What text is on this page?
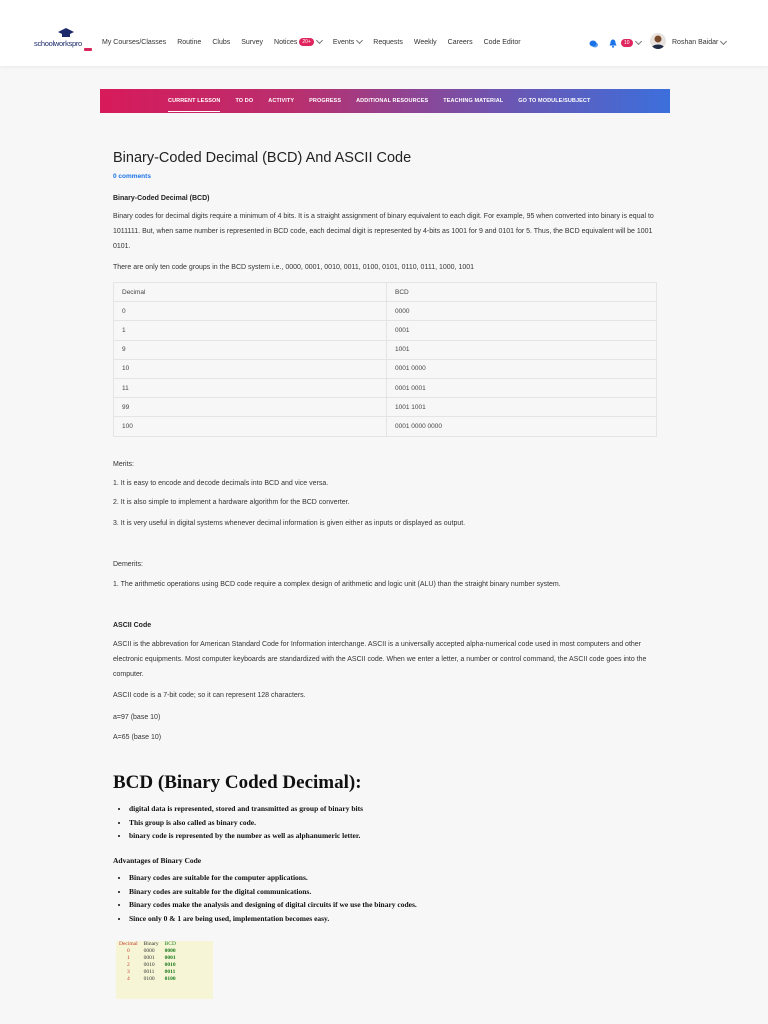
schoolworkspro	My Courses/Classes Routine Clubs Survey Notices	20+	Events	Requests Weekly Careers Code Editor	10	Roshan Baidar
CURRENT LESSON	TO DO	ACTIVITY	PROGRESS	ADDITIONAL RESOURCES	TEACHING MATERIAL	GO TO MODULE/SUBJECT
Binary-Coded Decimal (BCD) And ASCII Code
0 comments
Binary-Coded Decimal (BCD)
Binary codes for decimal digits require a minimum of 4 bits. It is a straight assignment of binary equivalent to each digit. For example, 95 when converted into binary is equal to 1011111. But, when same number is represented in BCD code, each decimal digit is represented by 4-bits as 1001 for 9 and 0101 for 5. Thus, the BCD equivalent will be 1001 0101.
There are only ten code groups in the BCD system i.e., 0000, 0001, 0010, 0011, 0100, 0101, 0110, 0111, 1000, 1001
Decimal	BCD
0	0000
1	0001
9	1001
10	0001 0000
11	0001 0001
99	1001 1001
100	0001 0000 0000
Merits:
1. It is easy to encode and decode decimals into BCD and vice versa.
2. It is also simple to implement a hardware algorithm for the BCD converter.
3. It is very useful in digital systems whenever decimal information is given either as inputs or displayed as output.
Demerits:
1. The arithmetic operations using BCD code require a complex design of arithmetic and logic unit (ALU) than the straight binary number system.
ASCII Code
ASCII is the abbrevation for American Standard Code for Information interchange. ASCII is a universally accepted alpha-numerical code used in most computers and other electronic equipments. Most computer keyboards are standardized with the ASCII code. When we enter a letter, a number or control command, the ASCII code goes into the computer.
ASCII code is a 7-bit code; so it can represent 128 characters.
a=97 (base 10)
A=65 (base 10)
BCD (Binary Coded Decimal):
• digital data is represented, stored and transmitted as group of binary bits
• This group is also called as binary code.
• binary code is represented by the number as well as alphanumeric letter.
Advantages of Binary Code
• Binary codes are suitable for the computer applications.
• Binary codes are suitable for the digital communications.
• Binary codes make the analysis and designing of digital circuits if we use the binary codes.
• Since only 0 & 1 are being used, implementation becomes easy.
Decimal	Binary	BCD
0	0000	0000
1	0001	0001
2	0010	0010
3	0011	0011
4	0100	0100
